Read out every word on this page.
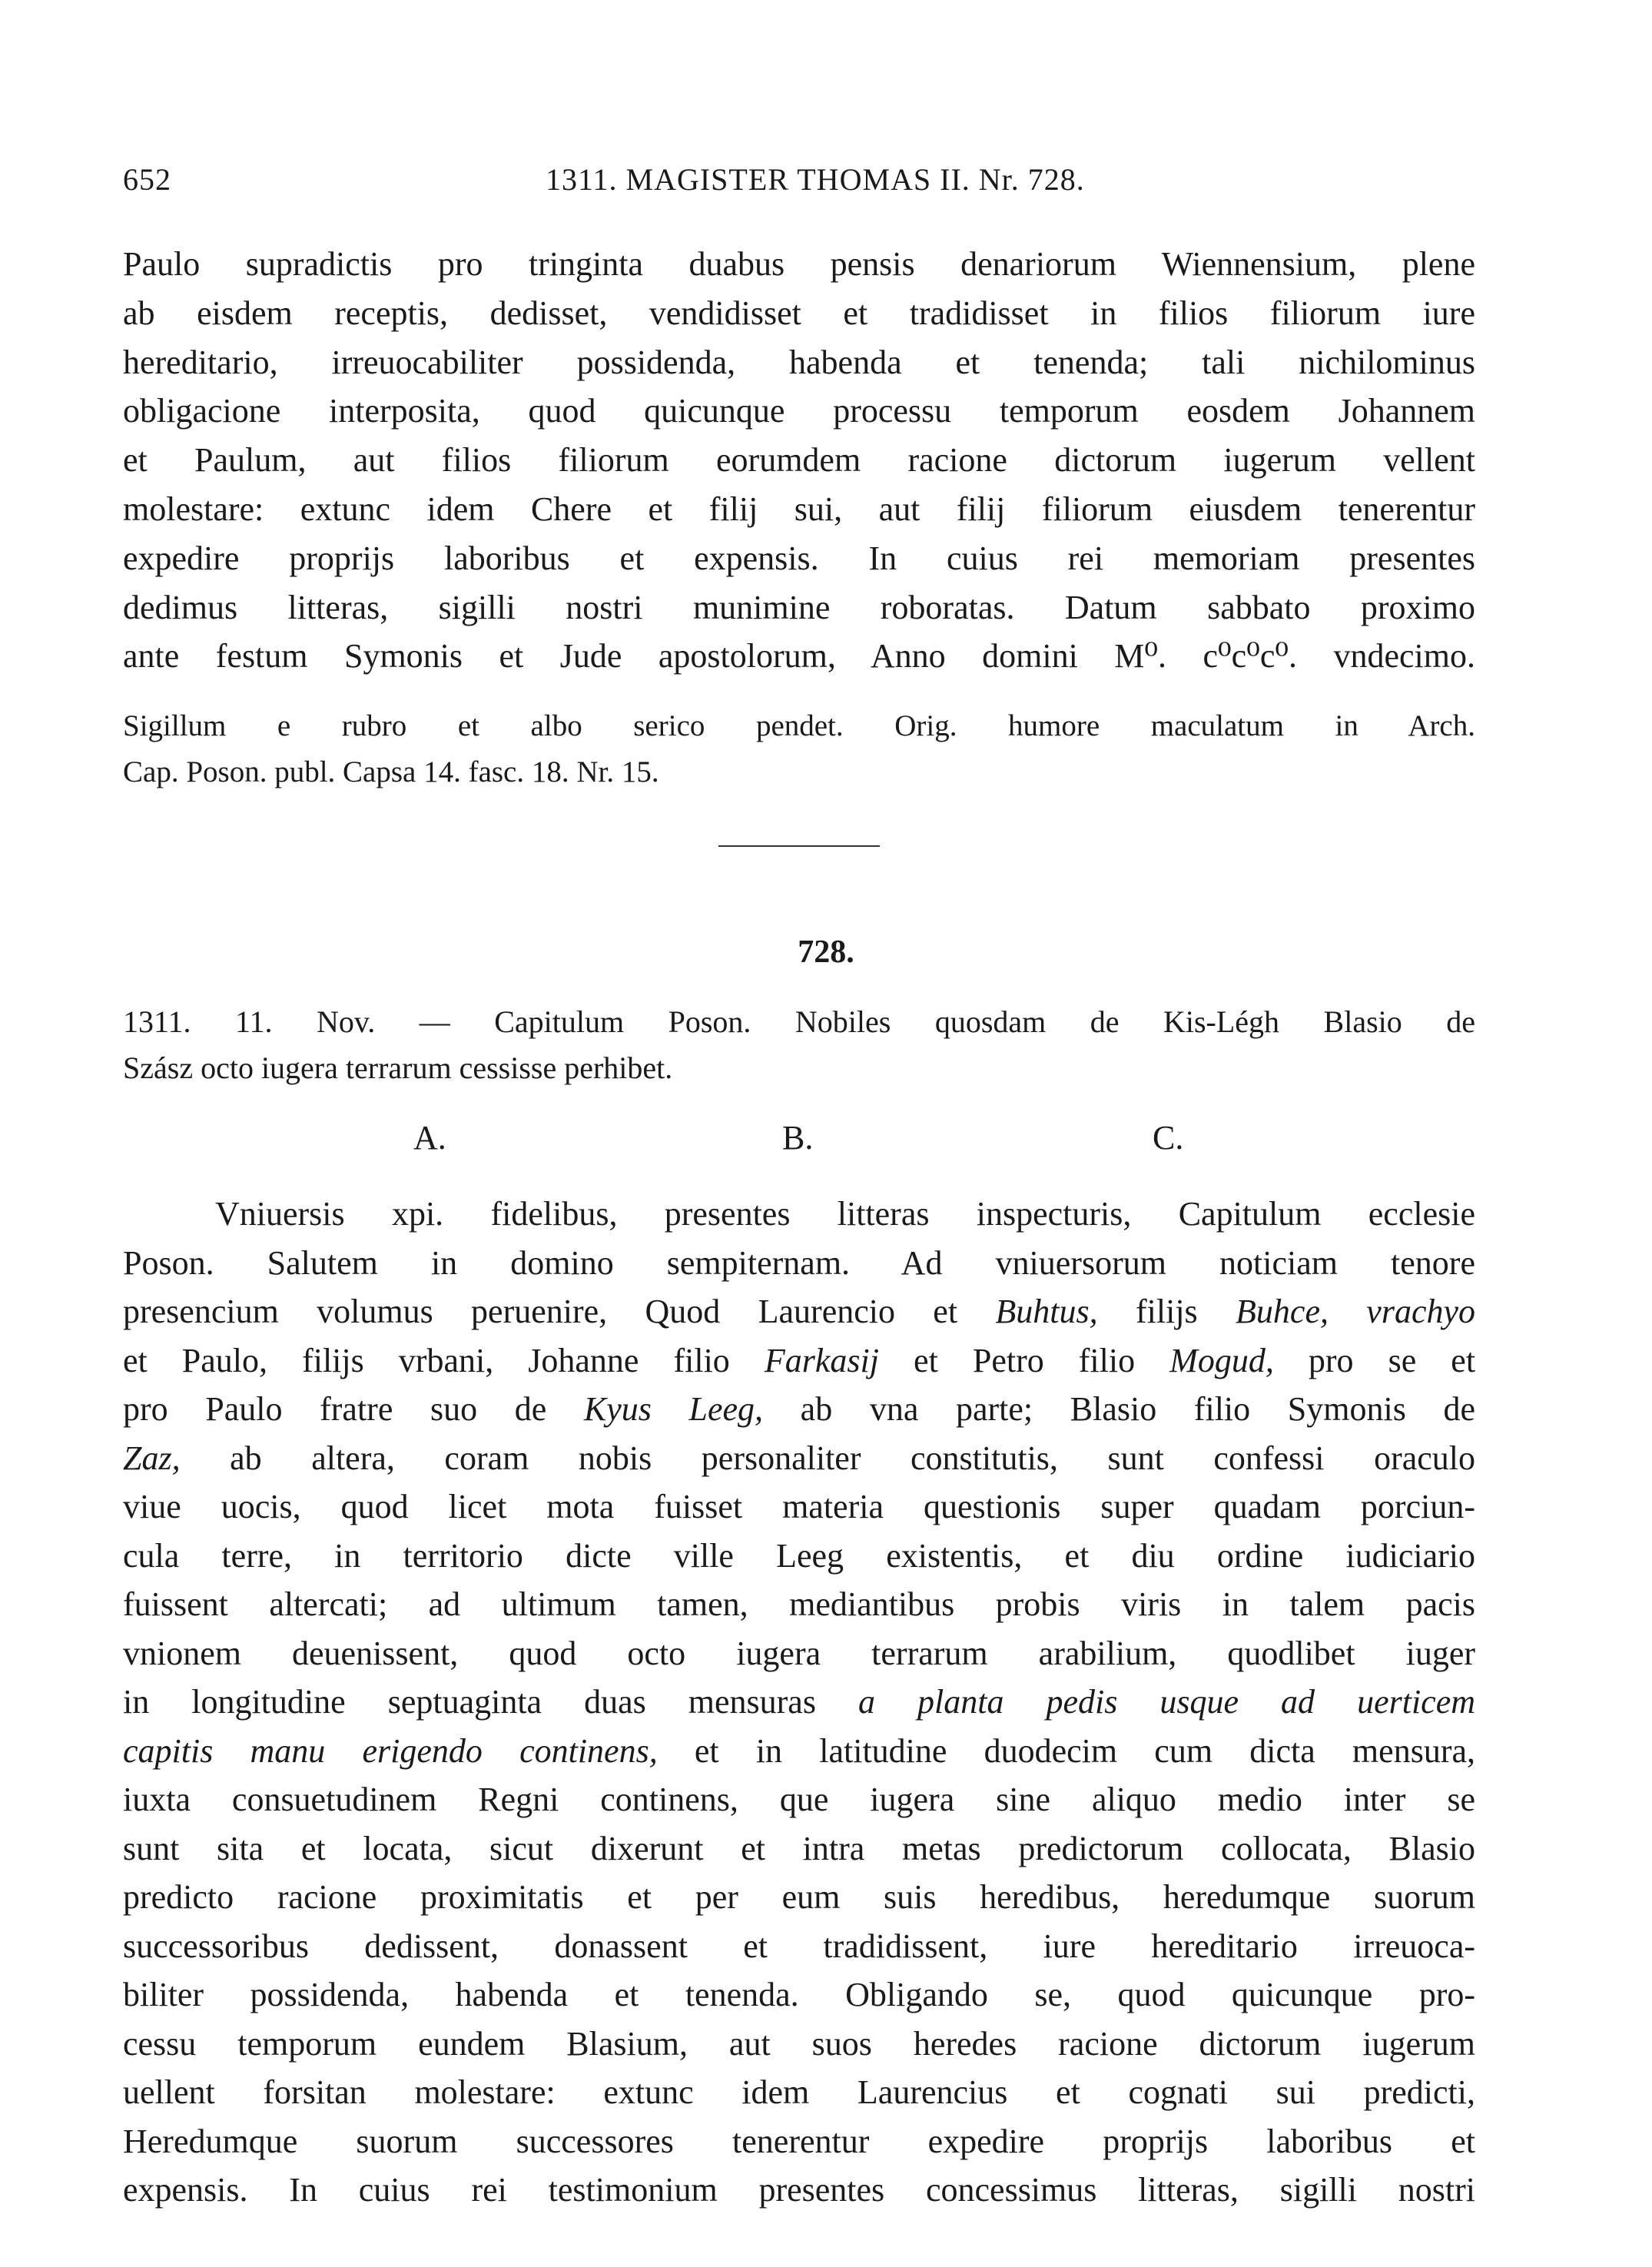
652	1311. MAGISTER THOMAS II. Nr. 728.

Paulo supradictis pro tringinta duabus pensis denariorum Wiennensium, plene

ab eisdem receptis, dedisset, vendidisset et tradidisset in filios filiorum iure

hereditario, irreuocabiliter possidenda, habenda et tenenda; tali nichilominus

obligacione interposita, quod quicunque processu temporum eosdem Johannem

et Paulum, aut filios filiorum eorumdem racione dictorum iugerum vellent

molestare: extunc idem Chere et filij sui, aut filij filiorum eiusdem tenerentur

expedire proprijs laboribus et expensis. In cuius rei memoriam presentes

dedimus litteras, sigilli nostri munimine roboratas. Datum sabbato proximo

ante festum Symonis et Jude apostolorum, Anno domini M⁰. c⁰c⁰c⁰. vndecimo.

Sigillum e rubro et albo serico pendet. Orig. humore maculatum in Arch.

Cap. Poson. publ. Capsa 14. fasc. 18. Nr. 15.

728.

1311. 11. Nov. — Capitulum Poson. Nobiles quosdam de Kis-Légh Blasio de

Szász octo iugera terrarum cessisse perhibet.

A.	B.	C.

Vniuersis xpi. fidelibus, presentes litteras inspecturis, Capitulum ecclesie

Poson. Salutem in domino sempiternam. Ad vniuersorum noticiam tenore

presencium volumus peruenire, Quod Laurencio et Buhtus, filijs Buhce, vrachyo

et Paulo, filijs vrbani, Johanne filio Farkasij et Petro filio Mogud, pro se et

pro Paulo fratre suo de Kyus Leeg, ab vna parte; Blasio filio Symonis de

Zaz, ab altera, coram nobis personaliter constitutis, sunt confessi oraculo

viue uocis, quod licet mota fuisset materia questionis super quadam porciun-

cula terre, in territorio dicte ville Leeg existentis, et diu ordine iudiciario

fuissent altercati; ad ultimum tamen, mediantibus probis viris in talem pacis

vnionem deuenissent, quod octo iugera terrarum arabilium, quodlibet iuger

in longitudine septuaginta duas mensuras a planta pedis usque ad uerticem

capitis manu erigendo continens, et in latitudine duodecim cum dicta mensura,

iuxta consuetudinem Regni continens, que iugera sine aliquo medio inter se

sunt sita et locata, sicut dixerunt et intra metas predictorum collocata, Blasio

predicto racione proximitatis et per eum suis heredibus, heredumque suorum

successoribus dedissent, donassent et tradidissent, iure hereditario irreuoca-

biliter possidenda, habenda et tenenda. Obligando se, quod quicunque pro-

cessu temporum eundem Blasium, aut suos heredes racione dictorum iugerum

uellent forsitan molestare: extunc idem Laurencius et cognati sui predicti,

Heredumque suorum successores tenerentur expedire proprijs laboribus et

expensis. In cuius rei testimonium presentes concessimus litteras, sigilli nostri
